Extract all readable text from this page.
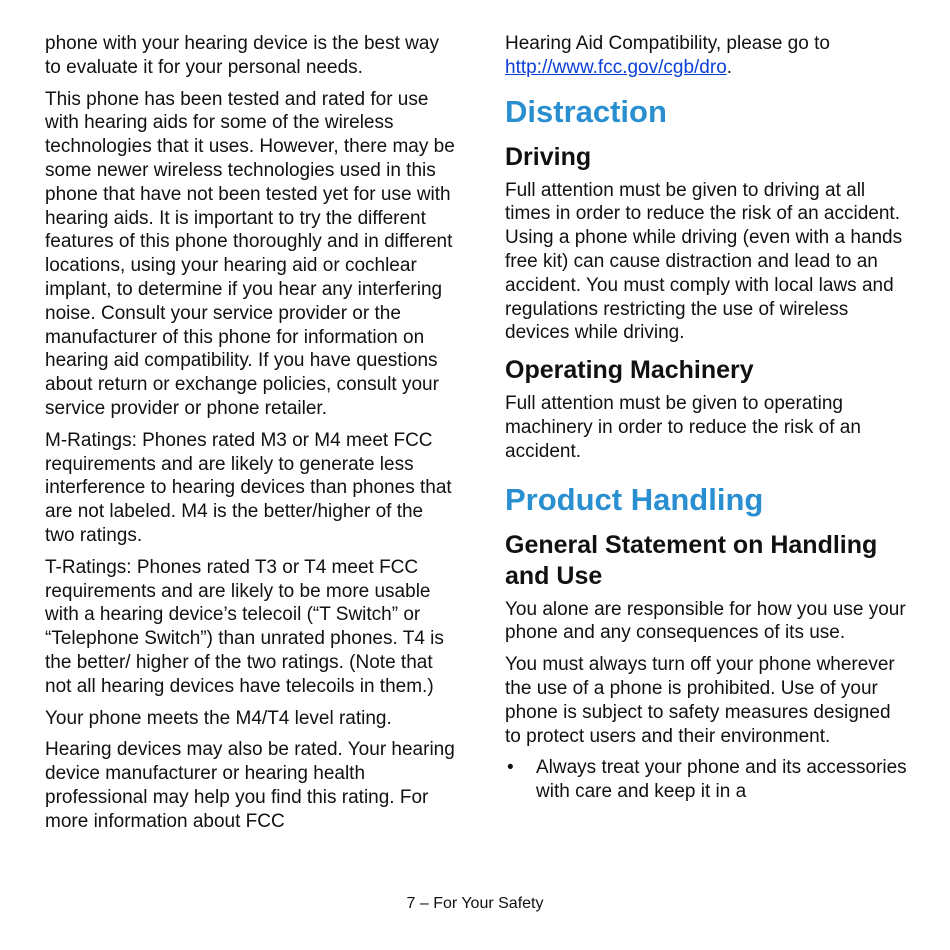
phone with your hearing device is the best way to evaluate it for your personal needs.

This phone has been tested and rated for use with hearing aids for some of the wireless technologies that it uses. However, there may be some newer wireless technologies used in this phone that have not been tested yet for use with hearing aids. It is important to try the different features of this phone thoroughly and in different locations, using your hearing aid or cochlear implant, to determine if you hear any interfering noise. Consult your service provider or the manufacturer of this phone for information on hearing aid compatibility. If you have questions about return or exchange policies, consult your service provider or phone retailer.

M-Ratings: Phones rated M3 or M4 meet FCC requirements and are likely to generate less interference to hearing devices than phones that are not labeled. M4 is the better/higher of the two ratings.

T-Ratings: Phones rated T3 or T4 meet FCC requirements and are likely to be more usable with a hearing device’s telecoil (“T Switch” or “Telephone Switch”) than unrated phones. T4 is the better/ higher of the two ratings. (Note that not all hearing devices have telecoils in them.)

Your phone meets the M4/T4 level rating.

Hearing devices may also be rated. Your hearing device manufacturer or hearing health professional may help you find this rating. For more information about FCC

Hearing Aid Compatibility, please go to http://www.fcc.gov/cgb/dro.

Distraction
Driving

Full attention must be given to driving at all times in order to reduce the risk of an accident. Using a phone while driving (even with a hands free kit) can cause distraction and lead to an accident. You must comply with local laws and regulations restricting the use of wireless devices while driving.

Operating Machinery

Full attention must be given to operating machinery in order to reduce the risk of an accident.

Product Handling
General Statement on Handling and Use

You alone are responsible for how you use your phone and any consequences of its use.

You must always turn off your phone wherever the use of a phone is prohibited. Use of your phone is subject to safety measures designed to protect users and their environment.

• Always treat your phone and its accessories with care and keep it in a

7 – For Your Safety
